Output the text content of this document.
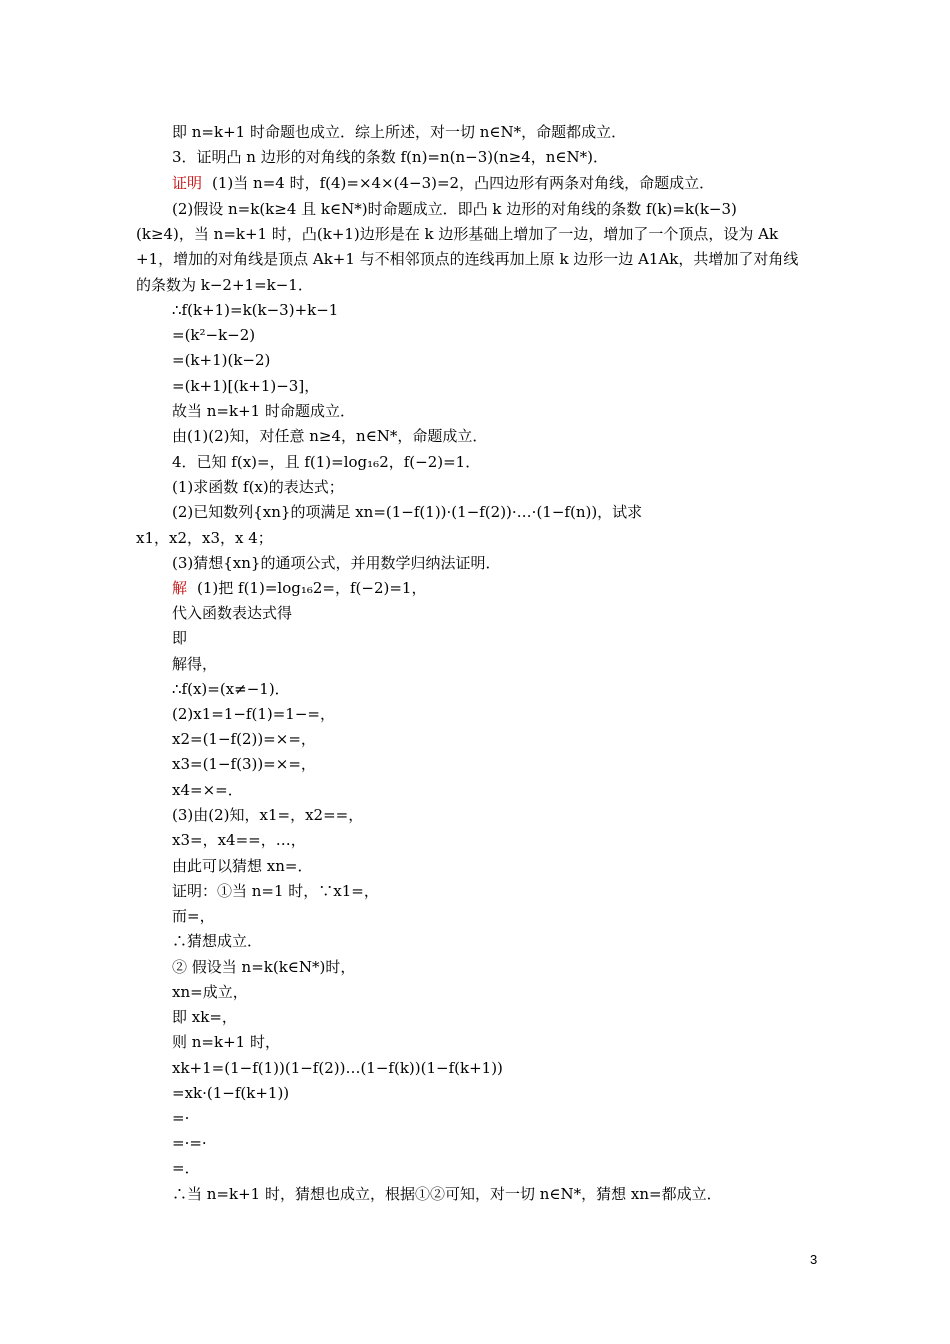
即 n=k+1 时命题也成立．综上所述，对一切 n∈N*，命题都成立．
3．证明凸 n 边形的对角线的条数 f(n)=n(n−3)(n≥4，n∈N*)．
证明 (1)当 n=4 时，f(4)=×4×(4−3)=2，凸四边形有两条对角线，命题成立．
(2)假设 n=k(k≥4 且 k∈N*)时命题成立．即凸 k 边形的对角线的条数 f(k)=k(k−3)
(k≥4)，当 n=k+1 时，凸(k+1)边形是在 k 边形基础上增加了一边，增加了一个顶点，设为 Ak
+1，增加的对角线是顶点 Ak+1 与不相邻顶点的连线再加上原 k 边形一边 A1Ak，共增加了对角线
的条数为 k−2+1=k−1．
∴f(k+1)=k(k−3)+k−1
=(k²−k−2)
=(k+1)(k−2)
=(k+1)[(k+1)−3]，
故当 n=k+1 时命题成立．
由(1)(2)知，对任意 n≥4，n∈N*，命题成立．
4．已知 f(x)=，且 f(1)=log₁₆2，f(−2)=1．
(1)求函数 f(x)的表达式；
(2)已知数列{xn}的项满足 xn=(1−f(1))·(1−f(2))·…·(1−f(n))，试求
x1，x2，x3，x 4；
(3)猜想{xn}的通项公式，并用数学归纳法证明．
解 (1)把 f(1)=log₁₆2=，f(−2)=1，
代入函数表达式得
即
解得，
∴f(x)=(x≠−1)．
(2)x1=1−f(1)=1−=，
x2=(1−f(2))=×=，
x3=(1−f(3))=×=，
x4=×=．
(3)由(2)知，x1=，x2==，
x3=，x4==，…，
由此可以猜想 xn=．
证明：①当 n=1 时，∵x1=，
而=，
∴猜想成立．
② 假设当 n=k(k∈N*)时，
xn=成立，
即 xk=，
则 n=k+1 时，
xk+1=(1−f(1))(1−f(2))…(1−f(k))(1−f(k+1))
=xk·(1−f(k+1))
=·
=·=·
=．
∴当 n=k+1 时，猜想也成立，根据①②可知，对一切 n∈N*，猜想 xn=都成立．
3
